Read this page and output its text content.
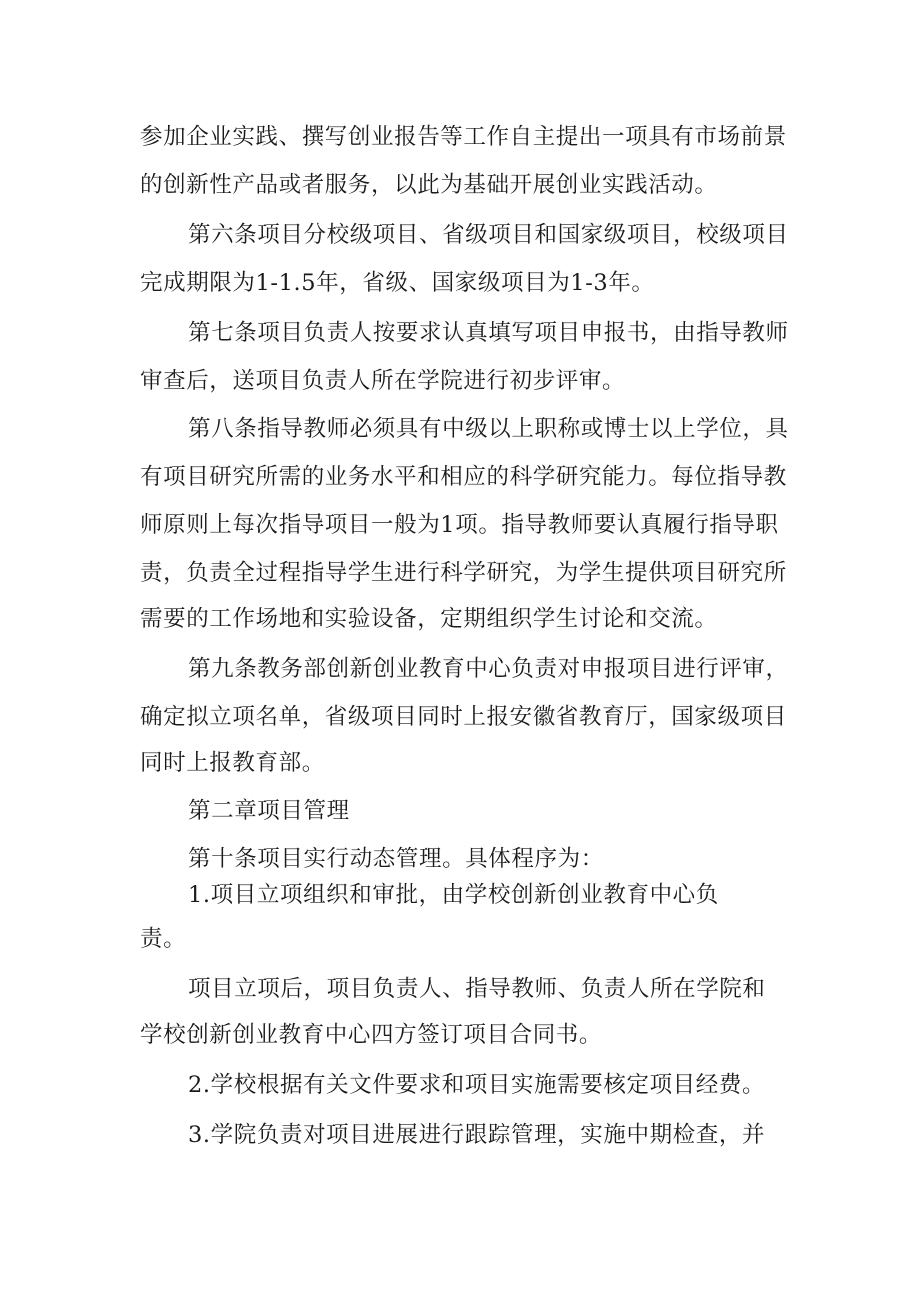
参加企业实践、撰写创业报告等工作自主提出一项具有市场前景
的创新性产品或者服务，以此为基础开展创业实践活动。
第六条项目分校级项目、省级项目和国家级项目，校级项目
完成期限为1-1.5年，省级、国家级项目为1-3年。
第七条项目负责人按要求认真填写项目申报书，由指导教师
审查后，送项目负责人所在学院进行初步评审。
第八条指导教师必须具有中级以上职称或博士以上学位，具
有项目研究所需的业务水平和相应的科学研究能力。每位指导教
师原则上每次指导项目一般为1项。指导教师要认真履行指导职
责，负责全过程指导学生进行科学研究，为学生提供项目研究所
需要的工作场地和实验设备，定期组织学生讨论和交流。
第九条教务部创新创业教育中心负责对申报项目进行评审，
确定拟立项名单，省级项目同时上报安徽省教育厅，国家级项目
同时上报教育部。
第二章项目管理
第十条项目实行动态管理。具体程序为：
1.项目立项组织和审批，由学校创新创业教育中心负
责。
项目立项后，项目负责人、指导教师、负责人所在学院和
学校创新创业教育中心四方签订项目合同书。
2.学校根据有关文件要求和项目实施需要核定项目经费。
3.学院负责对项目进展进行跟踪管理，实施中期检查，并
